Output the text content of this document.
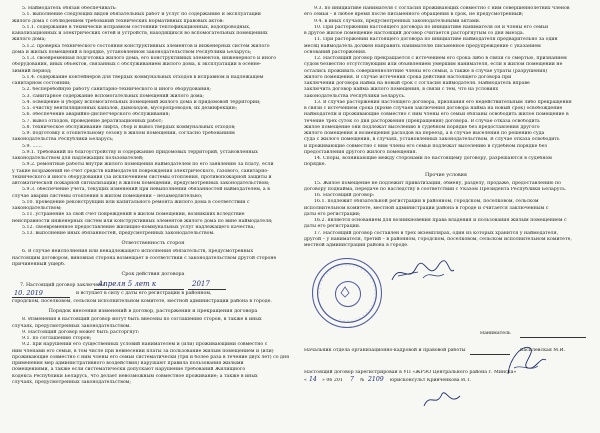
5. Наймодатель обязан обеспечивать:
5.1. выполнение следующих видов обязательных работ и услуг по содержанию и эксплуатации
жилого дома с соблюдением требований технических нормативных правовых актов:
5.1.1. содержание в технически исправном состоянии теплофикационных, водопроводных,
канализационных и электрических сетей и устройств, находящихся во вспомогательных помещениях
жилого дома;
5.1.2. проверка технического состояния конструктивных элементов и инженерных систем жилого
дома и жилых помещений в порядке, установленном законодательством Республики Беларусь;
5.1.3. своевременная подготовка жилого дома, его конструктивных элементов, инженерного и иного
оборудования, иных объектов, связанных с обслуживанием жилого дома, к эксплуатации в осенне-
зимний период;
5.1.4. содержание контейнеров для твердых коммунальных отходов в исправном и надлежащем
санитарном состоянии;
5.2. бесперебойную работу санитарно-технического и иного оборудования;
5.3. санитарное содержание вспомогательных помещений жилого дома;
5.4. освещение и уборку вспомогательных помещений жилого дома и придомовой территории;
5.5. очистку вентиляционных каналов, дымоходов, мусоропроводов, их дезинфекцию;
5.6. обеспечение аварийно-диспетчерского обслуживания;
5.7. вывоз отходов, проведение дератизационных работ;
5.8. техническое обслуживание лифта, сбор и вывоз твердых коммунальных отходов;
5.9. подготовку к отопительному сезону в жилом помещении, согласно требованиям
законодательства Республики Беларусь;
5.9. ……
5.9.1. требований по благоустройству и содержанию придомовых территорий, установленных
законодательством для надлежащих пользователей;
5.9.2. ремонтные работы внутри жилого помещения наймодателем по его заявлению за плату, если
у такие возражений не счет средств наймодателя повреждения электрического, газового, санитарно-
технического и иного оборудования (за исключением системы отопления, противопожарной защиты и
автоматической пожарной сигнализации) в жилом помещении, предусмотренных законодательством;
5.9.3. обеспечение учета, текущих изменений при невыполнении обязанностей наймодателем, а в
случае аварии системы отопления в жилом помещении – незамедлительно;
5.10. проведение реконструкции или капитального ремонта жилого дома в соответствии с
законодательством;
5.11. устранение за свой счет повреждений в жилом помещении, возникших вследствие
неисправности инженерных систем или конструктивных элементов жилого дома по вине наймодателя;
5.12. своевременное предоставление жилищно-коммунальных услуг надлежащего качества;
5.13. выполнение иных обязанностей, предусмотренных законодательством.
Ответственность сторон
6. В случае неисполнения или ненадлежащего исполнения обязательств, предусмотренных
настоящим договором, виновная сторона возмещает в соответствии с законодательством другой стороне
причиненный ущерб.
Срок действия договора
7. Настоящий договор заключен с
Апреля 5 лет к	2017
10. 2019	и вступает в силу с даты его регистрации в районном,
городском, поселковом, сельском исполнительном комитете, местной администрации района в городе.
Порядок внесения изменений в договор, расторжения и прекращения договора
8. Изменения в настоящий договор могут быть внесены по соглашению сторон, в также в иных
случаях, предусмотренных законодательством.
9. Настоящий договор может быть расторгнут:
9.1. по соглашению сторон;
9.2. при нарушении его существенных условий нанимателем и (или) проживающими совместно с
ним членами его семьи, в том числе при невнесении платы за пользование жилым помещением и (или)
проживающие совместно с ним члены его семьи систематически (три и более раза в течение двух лет) со дня
применения мер административного воздействия) нарушают правила пользования жилыми
помещениями, а также если систематически допускают нарушение требований Жилищного
кодекса Республики Беларусь, что делает невозможным совместное проживание; а также в иных
случаях, предусмотренных законодательством;
9.3. по инициативе нанимателя с согласия проживающих совместно с ним совершеннолетних членов
его семьи – в любое время после письменного обращения в срок, не предусмотренный;
9.4. в иных случаях, предусмотренных законодательными актами.
10. При расторжении настоящего договора по инициативе нанимателя он и члены его семьи
в другое жилое помещение настоящий договор считается расторгнутым со дня выезда.
11. При расторжении настоящего договора по инициативе наймодателя предварительно за один
месяц наймодатель должен направить нанимателю письменное предупреждение с указанием
оснований расторжения.
12. Настоящий договор прекращается с истечением его срока либо в связи со смертью, признанием
судом безвестно отсутствующим или объявлением умершим нанимателя, если в жилом помещении не
остались проживать совершеннолетние члены его семьи, а также в случае утраты (разрушения)
жилого помещения. В случае истечения срока действия настоящего договора при
заключении договора найма на новый срок с согласия наймодателя. Наймодатель вправе
заключить договор найма жилого помещения, в связи с тем, что на условиях
законодательства Республики Беларусь.
13. В случае расторжения настоящего договора, признания его недействительным либо прекращения
в связи с истечением срока (кроме случаев заключения договора найма на новый срок) освобождение
наймодатели и проживающие совместно с ним члены его семьи обязаны освободить жилое помещение в
течение трех суток со дня расторжения (прекращения) договора. В случае отказа освободить
жилое помещение они подлежат выселению в судебном порядке без предоставления другого
жилого помещения и возмещения расходов на переезд, а в случае выселения по решению суда
суда с жилого помещения, в случаях, установленных законодательством. В случае отказа освободить
и проживающие совместно с ним члены его семьи подлежат выселению в судебном порядке без
предоставления другого жилого помещения.
14. Споры, возникающие между сторонами по настоящему договору, разрешаются в судебном
порядке.
Прочие условия
15. Жилое помещение не подлежит приватизации, обмену, разделу, продаже, предоставлению по
договору поднайма, передаче по наследству в соответствии с Указом Президента Республики Беларусь.
16. Настоящий договор:
16.1. подлежит обязательной регистрации в районном, городском, поселковом, сельском
исполнительном комитете, местной администрации района в городе и считается заключенным с
даты его регистрации;
16.2. является основанием для возникновения права владения и пользования жилым помещением с
даты его регистрации.
17. Настоящий договор составлен в трех экземплярах, один из которых хранится у наймодателя,
другой – у нанимателя, третий – в районном, городском, поселковом, сельском исполнительном комитете,
местной администрации района в городе.
· · · · · · · · · · · · · · · · · · · · · · · · · · · · · · · · · ·
Наниматель
Начальник отдела организационно-кадровой и правовой работы	Василевская М.И.
Настоящий договор зарегистрирован в УП «ЖРЭО Центрального района г. Минска»
« 14 » 06 201 7 № 2109 юрисконсульт Кривченкова И.Т.
